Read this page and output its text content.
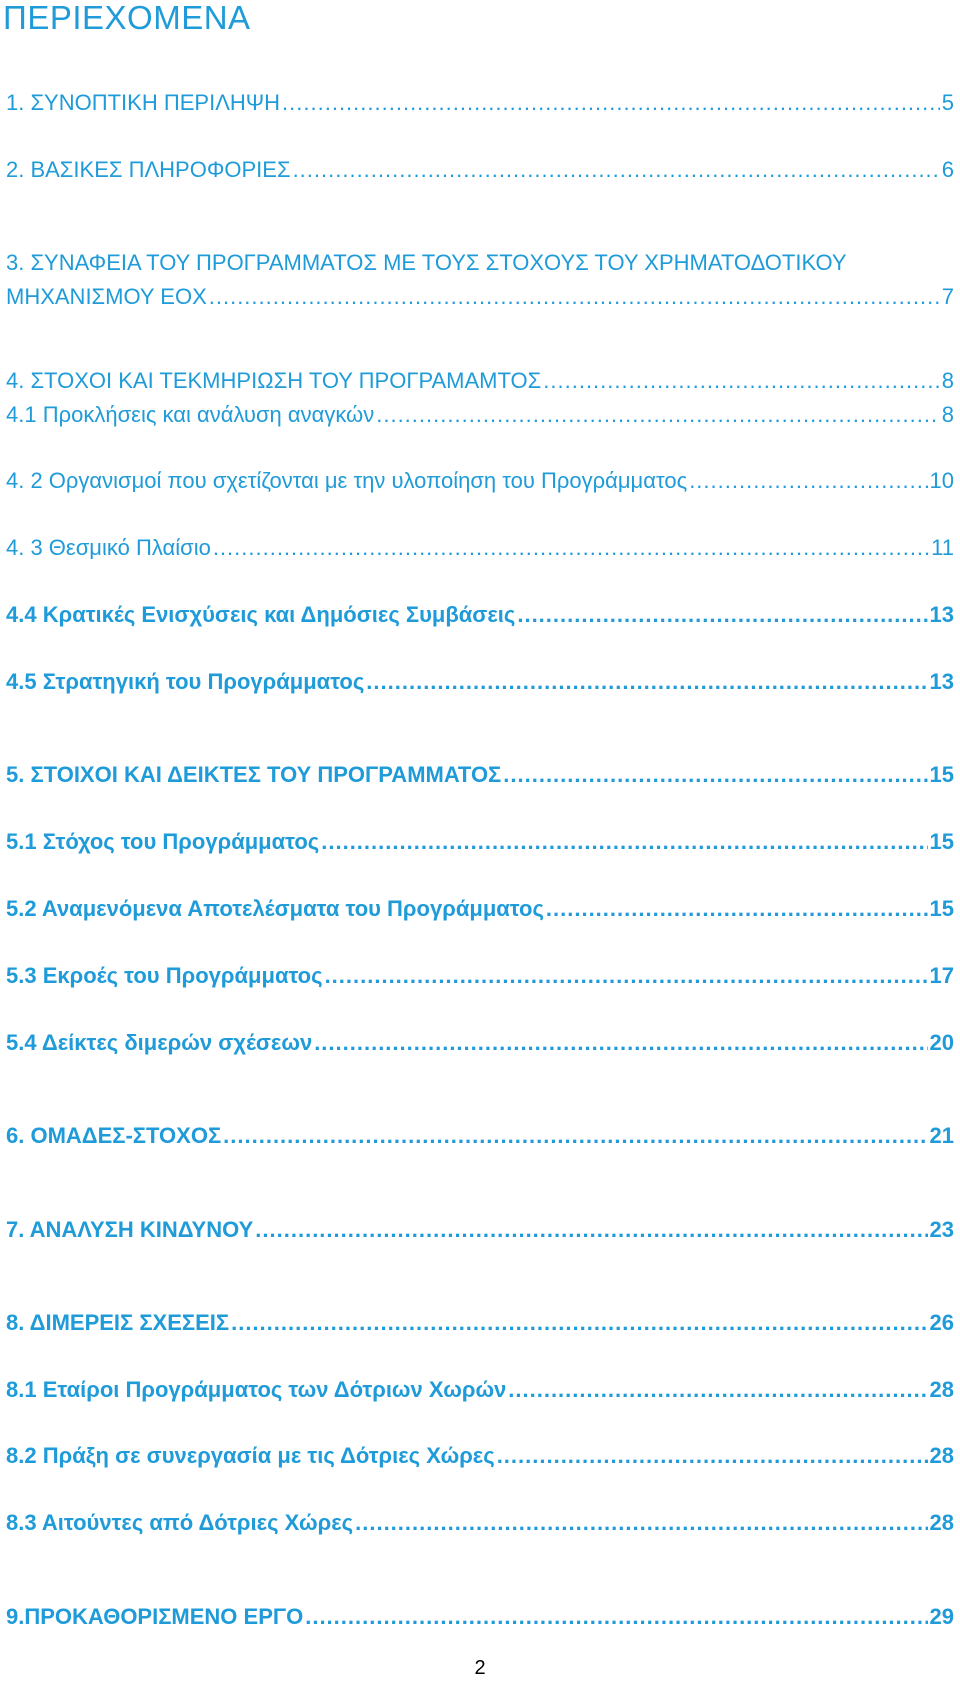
ΠΕΡΙΕΧΟΜΕΝΑ
1. ΣΥΝΟΠΤΙΚΗ ΠΕΡΙΛΗΨΗ .....	5
2. ΒΑΣΙΚΕΣ ΠΛΗΡΟΦΟΡΙΕΣ .....	6
3. ΣΥΝΑΦΕΙΑ ΤΟΥ ΠΡΟΓΡΑΜΜΑΤΟΣ ΜΕ ΤΟΥΣ ΣΤΟΧΟΥΣ ΤΟΥ ΧΡΗΜΑΤΟΔΟΤΙΚΟΥ
ΜΗΧΑΝΙΣΜΟΥ ΕΟΧ .....	7
4. ΣΤΟΧΟΙ ΚΑΙ ΤΕΚΜΗΡΙΩΣΗ ΤΟΥ ΠΡΟΓΡΑΜΑΜΤΟΣ .....	8
4.1 Προκλήσεις και ανάλυση αναγκών .....	8
4. 2 Οργανισμοί που σχετίζονται με την υλοποίηση του Προγράμματος .....	10
4. 3 Θεσμικό Πλαίσιο .....	11
4.4 Κρατικές Ενισχύσεις και Δημόσιες Συμβάσεις .....	13
4.5 Στρατηγική του Προγράμματος .....	13
5. ΣΤΟΙΧΟΙ ΚΑΙ ΔΕΙΚΤΕΣ ΤΟΥ ΠΡΟΓΡΑΜΜΑΤΟΣ .....	15
5.1 Στόχος του Προγράμματος .....	15
5.2 Αναμενόμενα Αποτελέσματα του Προγράμματος .....	15
5.3 Εκροές του Προγράμματος .....	17
5.4 Δείκτες διμερών σχέσεων .....	20
6. ΟΜΑΔΕΣ-ΣΤΟΧΟΣ .....	21
7. ΑΝΑΛΥΣΗ ΚΙΝΔΥΝΟΥ .....	23
8. ΔΙΜΕΡΕΙΣ ΣΧΕΣΕΙΣ .....	26
8.1 Εταίροι Προγράμματος των Δότριων Χωρών .....	28
8.2 Πράξη σε συνεργασία με τις Δότριες Χώρες .....	28
8.3 Αιτούντες από Δότριες Χώρες .....	28
9.ΠΡΟΚΑΘΟΡΙΣΜΕΝΟ ΕΡΓΟ .....	29
2
